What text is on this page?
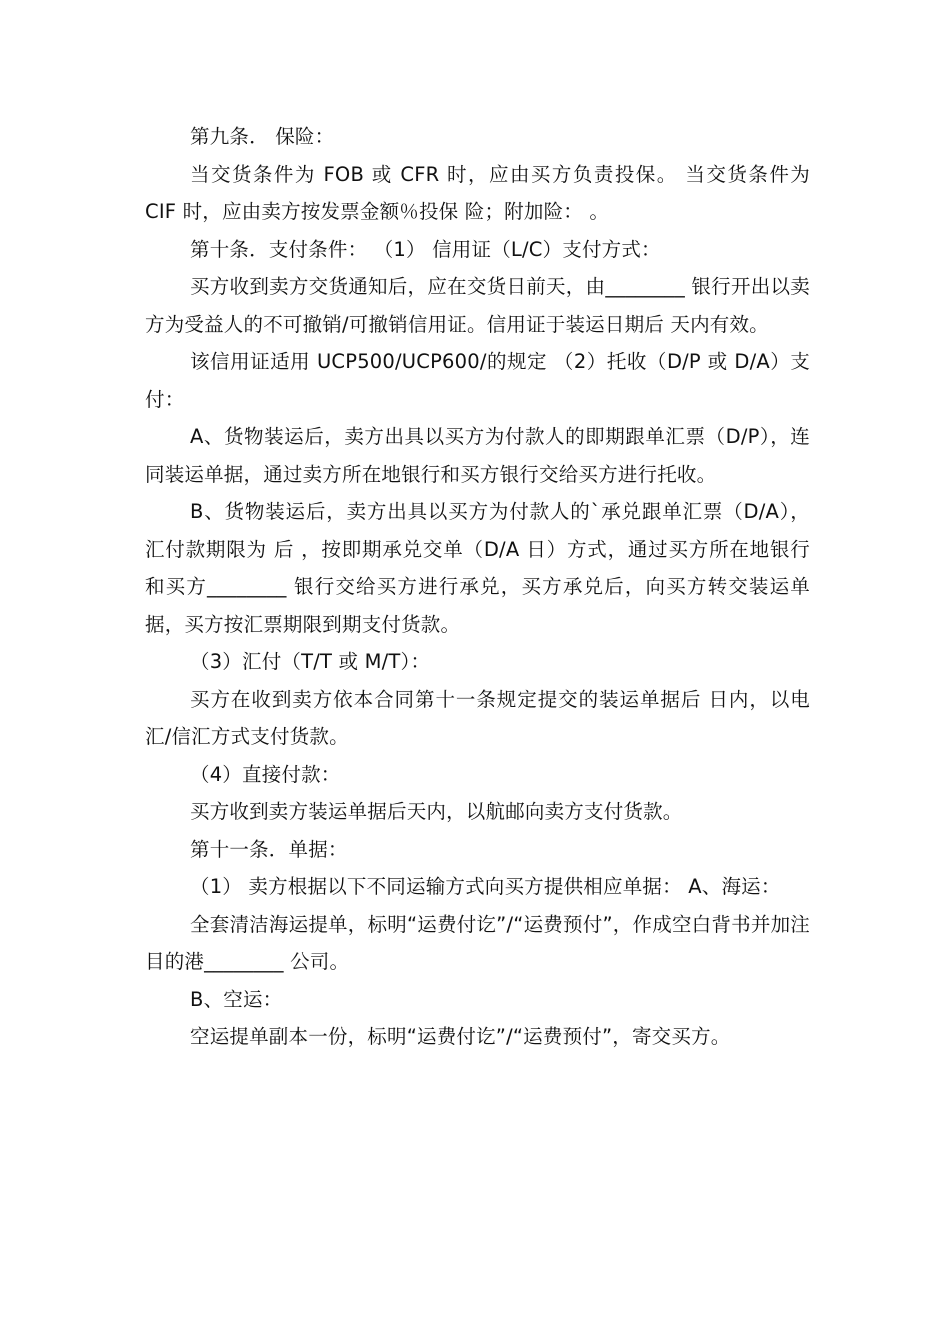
第九条． 保险：

当交货条件为 FOB 或 CFR 时，应由买方负责投保。 当交货条件为 CIF 时，应由卖方按发票金额％投保 险；附加险： 。

第十条．支付条件： （1） 信用证（L/C）支付方式：

买方收到卖方交货通知后，应在交货日前天，由________ 银行开出以卖方为受益人的不可撤销/可撤销信用证。信用证于装运日期后 天内有效。

该信用证适用 UCP500/UCP600/的规定 （2）托收（D/P 或 D/A）支付：

A、货物装运后，卖方出具以买方为付款人的即期跟单汇票（D/P），连同装运单据，通过卖方所在地银行和买方银行交给买方进行托收。

B、货物装运后，卖方出具以买方为付款人的`承兑跟单汇票（D/A），汇付款期限为 后 ，按即期承兑交单（D/A 日）方式，通过买方所在地银行和买方________ 银行交给买方进行承兑，买方承兑后，向买方转交装运单据，买方按汇票期限到期支付货款。

（3）汇付（T/T 或 M/T）：

买方在收到卖方依本合同第十一条规定提交的装运单据后 日内，以电汇/信汇方式支付货款。

（4）直接付款：

买方收到卖方装运单据后天内，以航邮向卖方支付货款。

第十一条．单据：

（1） 卖方根据以下不同运输方式向买方提供相应单据： A、海运：

全套清洁海运提单，标明“运费付讫”/“运费预付”，作成空白背书并加注目的港________ 公司。

B、空运：

空运提单副本一份，标明“运费付讫”/“运费预付”，寄交买方。
